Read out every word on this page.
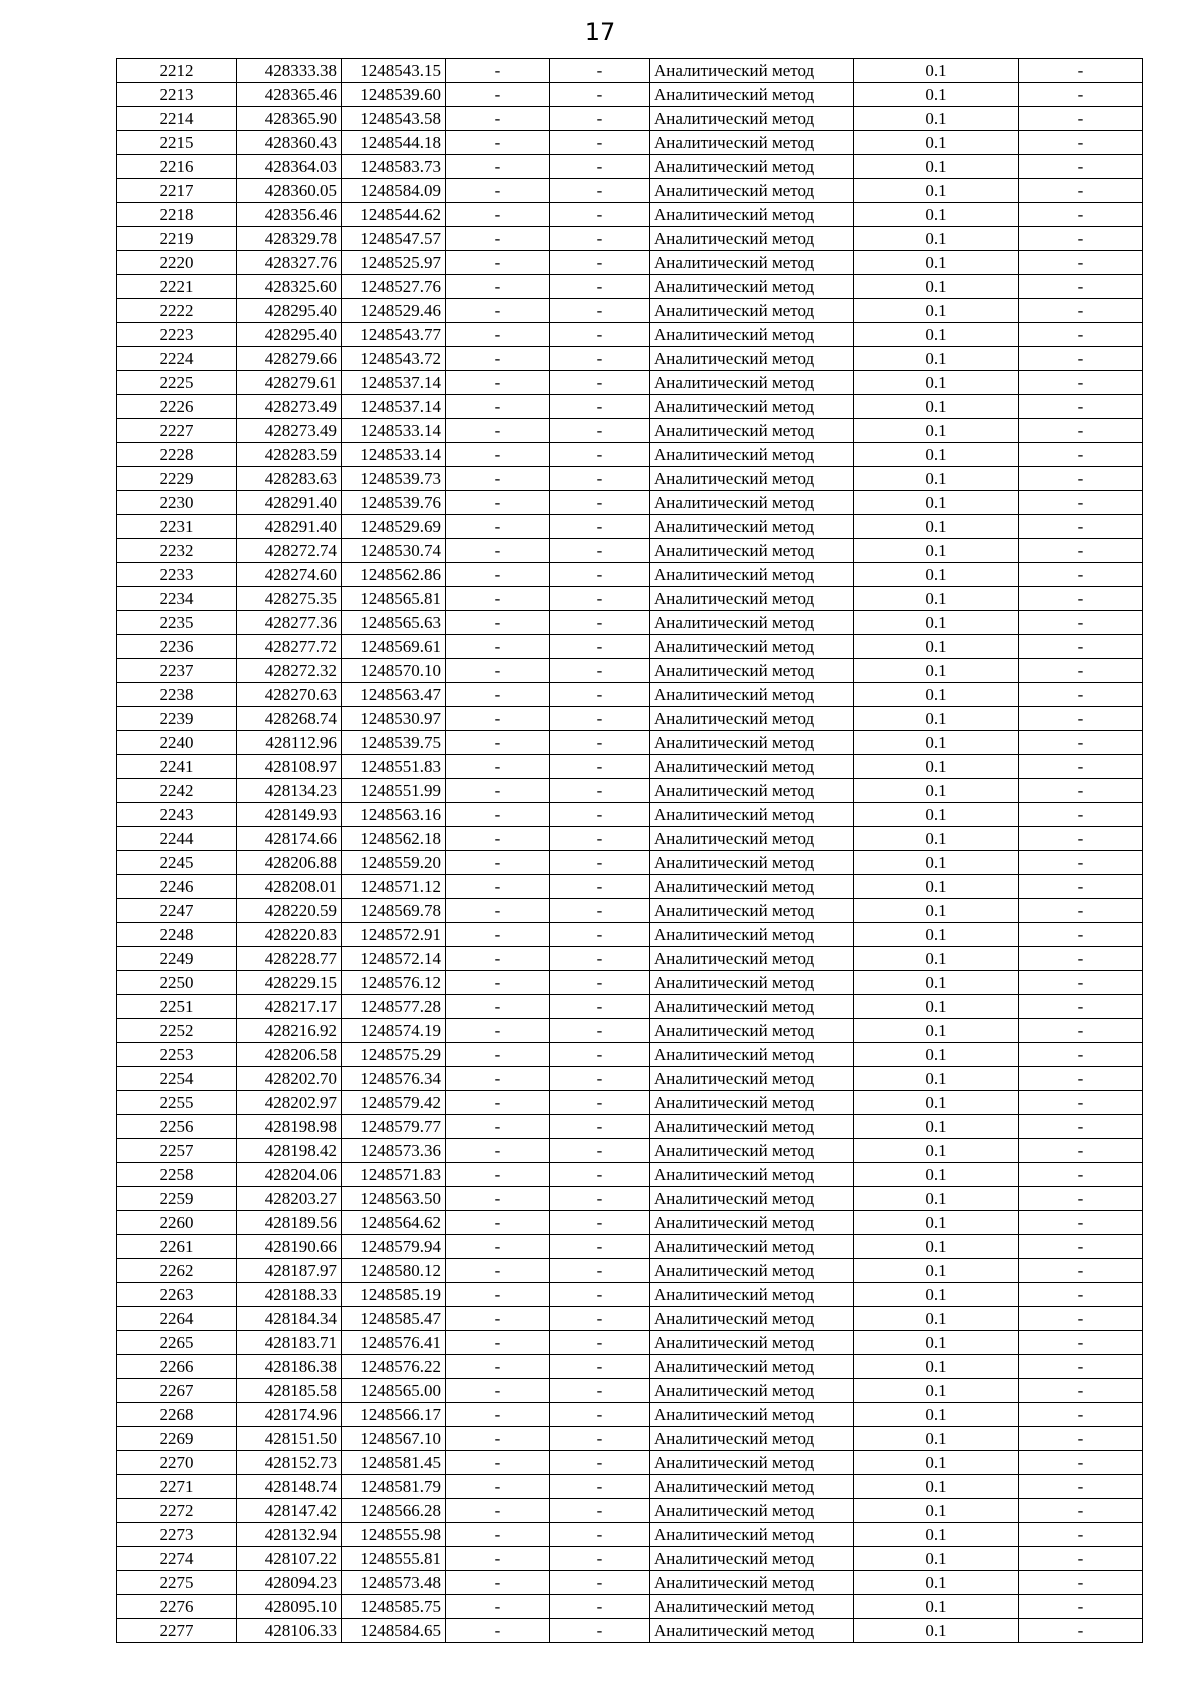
17
2212	428333.38	1248543.15	-	-	Аналитический метод	0.1	-
2213	428365.46	1248539.60	-	-	Аналитический метод	0.1	-
2214	428365.90	1248543.58	-	-	Аналитический метод	0.1	-
2215	428360.43	1248544.18	-	-	Аналитический метод	0.1	-
2216	428364.03	1248583.73	-	-	Аналитический метод	0.1	-
2217	428360.05	1248584.09	-	-	Аналитический метод	0.1	-
2218	428356.46	1248544.62	-	-	Аналитический метод	0.1	-
2219	428329.78	1248547.57	-	-	Аналитический метод	0.1	-
2220	428327.76	1248525.97	-	-	Аналитический метод	0.1	-
2221	428325.60	1248527.76	-	-	Аналитический метод	0.1	-
2222	428295.40	1248529.46	-	-	Аналитический метод	0.1	-
2223	428295.40	1248543.77	-	-	Аналитический метод	0.1	-
2224	428279.66	1248543.72	-	-	Аналитический метод	0.1	-
2225	428279.61	1248537.14	-	-	Аналитический метод	0.1	-
2226	428273.49	1248537.14	-	-	Аналитический метод	0.1	-
2227	428273.49	1248533.14	-	-	Аналитический метод	0.1	-
2228	428283.59	1248533.14	-	-	Аналитический метод	0.1	-
2229	428283.63	1248539.73	-	-	Аналитический метод	0.1	-
2230	428291.40	1248539.76	-	-	Аналитический метод	0.1	-
2231	428291.40	1248529.69	-	-	Аналитический метод	0.1	-
2232	428272.74	1248530.74	-	-	Аналитический метод	0.1	-
2233	428274.60	1248562.86	-	-	Аналитический метод	0.1	-
2234	428275.35	1248565.81	-	-	Аналитический метод	0.1	-
2235	428277.36	1248565.63	-	-	Аналитический метод	0.1	-
2236	428277.72	1248569.61	-	-	Аналитический метод	0.1	-
2237	428272.32	1248570.10	-	-	Аналитический метод	0.1	-
2238	428270.63	1248563.47	-	-	Аналитический метод	0.1	-
2239	428268.74	1248530.97	-	-	Аналитический метод	0.1	-
2240	428112.96	1248539.75	-	-	Аналитический метод	0.1	-
2241	428108.97	1248551.83	-	-	Аналитический метод	0.1	-
2242	428134.23	1248551.99	-	-	Аналитический метод	0.1	-
2243	428149.93	1248563.16	-	-	Аналитический метод	0.1	-
2244	428174.66	1248562.18	-	-	Аналитический метод	0.1	-
2245	428206.88	1248559.20	-	-	Аналитический метод	0.1	-
2246	428208.01	1248571.12	-	-	Аналитический метод	0.1	-
2247	428220.59	1248569.78	-	-	Аналитический метод	0.1	-
2248	428220.83	1248572.91	-	-	Аналитический метод	0.1	-
2249	428228.77	1248572.14	-	-	Аналитический метод	0.1	-
2250	428229.15	1248576.12	-	-	Аналитический метод	0.1	-
2251	428217.17	1248577.28	-	-	Аналитический метод	0.1	-
2252	428216.92	1248574.19	-	-	Аналитический метод	0.1	-
2253	428206.58	1248575.29	-	-	Аналитический метод	0.1	-
2254	428202.70	1248576.34	-	-	Аналитический метод	0.1	-
2255	428202.97	1248579.42	-	-	Аналитический метод	0.1	-
2256	428198.98	1248579.77	-	-	Аналитический метод	0.1	-
2257	428198.42	1248573.36	-	-	Аналитический метод	0.1	-
2258	428204.06	1248571.83	-	-	Аналитический метод	0.1	-
2259	428203.27	1248563.50	-	-	Аналитический метод	0.1	-
2260	428189.56	1248564.62	-	-	Аналитический метод	0.1	-
2261	428190.66	1248579.94	-	-	Аналитический метод	0.1	-
2262	428187.97	1248580.12	-	-	Аналитический метод	0.1	-
2263	428188.33	1248585.19	-	-	Аналитический метод	0.1	-
2264	428184.34	1248585.47	-	-	Аналитический метод	0.1	-
2265	428183.71	1248576.41	-	-	Аналитический метод	0.1	-
2266	428186.38	1248576.22	-	-	Аналитический метод	0.1	-
2267	428185.58	1248565.00	-	-	Аналитический метод	0.1	-
2268	428174.96	1248566.17	-	-	Аналитический метод	0.1	-
2269	428151.50	1248567.10	-	-	Аналитический метод	0.1	-
2270	428152.73	1248581.45	-	-	Аналитический метод	0.1	-
2271	428148.74	1248581.79	-	-	Аналитический метод	0.1	-
2272	428147.42	1248566.28	-	-	Аналитический метод	0.1	-
2273	428132.94	1248555.98	-	-	Аналитический метод	0.1	-
2274	428107.22	1248555.81	-	-	Аналитический метод	0.1	-
2275	428094.23	1248573.48	-	-	Аналитический метод	0.1	-
2276	428095.10	1248585.75	-	-	Аналитический метод	0.1	-
2277	428106.33	1248584.65	-	-	Аналитический метод	0.1	-
